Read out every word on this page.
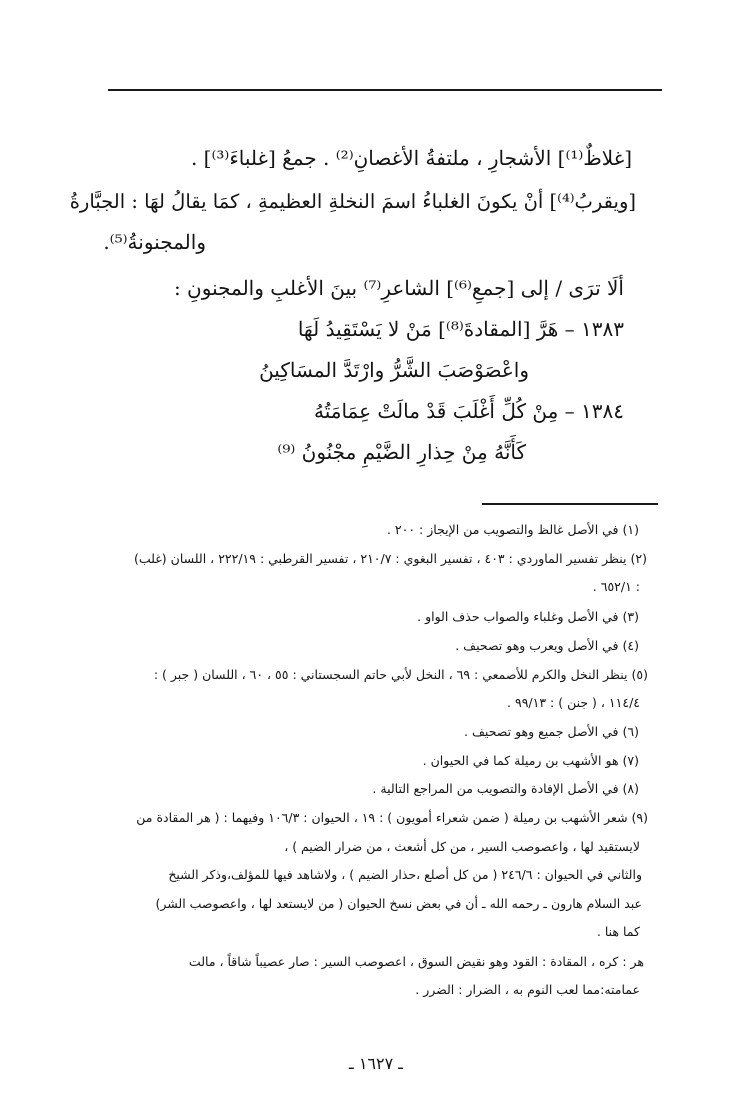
[غلاظٌ⁽¹⁾] الأشجارِ ، ملتفةُ الأغصانِ⁽²⁾ . جمعُ [غلباءَ⁽³⁾] .
[ويقربُ⁽⁴⁾] أنْ يكونَ الغلباءُ اسمَ النخلةِ العظيمةِ ، كمَا يقالُ لهَا : الجبَّارةُ
والمجنونةُ⁽⁵⁾.
ألَا ترَى / إلى [جمعِ⁽⁶⁾] الشاعرِ⁽⁷⁾ بينَ الأغلبِ والمجنونِ :
١٣٨٣ – هَرَّ [المقادةَ⁽⁸⁾] مَنْ لا يَسْتَقِيدُ لَهَا
واعْصَوْصَبَ الشَّرُّ وارْتَدَّ المسَاكِينُ
١٣٨٤ – مِنْ كُلِّ أَغْلَبَ قَدْ مالَتْ عِمَامَتُهُ
كَأَنَّهُ مِنْ حِذارِ الضَّيْمِ مجْنُونُ ⁽⁹⁾
(١) في الأصل غالظ والتصويب من الإيجاز : ٢٠٠ .
(٢) ينظر تفسير الماوردي : ٤٠٣ ، تفسير البغوي : ٢١٠/٧ ، تفسير القرطبي : ٢٢٢/١٩ ، اللسان (غلب)
: ٦٥٢/١ .
(٣) في الأصل وغلباء والصواب حذف الواو .
(٤) في الأصل ويعرب وهو تصحيف .
(٥) ينظر النخل والكرم للأصمعي : ٦٩ ، النخل لأبي حاتم السجستاني : ٥٥ ، ٦٠ ، اللسان ( جبر ) :
١١٤/٤ ، ( جنن ) : ٩٩/١٣ .
(٦) في الأصل جميع وهو تصحيف .
(٧) هو الأشهب بن رميلة كما في الحيوان .
(٨) في الأصل الإفادة والتصويب من المراجع التالية .
(٩) شعر الأشهب بن رميلة ( ضمن شعراء أمويون ) : ١٩ ، الحيوان : ١٠٦/٣ وفيهما : ( هر المقادة من
لايستقيد لها ، واعصوصب السير ، من كل أشعث ، من ضرار الضيم ) ،
والثاني في الحيوان : ٢٤٦/٦ ( من كل أصلع ،حذار الضيم ) ، ولاشاهد فيها للمؤلف،وذكر الشيخ
عبد السلام هارون ـ رحمه الله ـ أن في بعض نسخ الحيوان ( من لايستعد لها ، واعصوصب الشر)
كما هنا .
هر : كره ، المقادة : القود وهو نقيض السوق ، اعصوصب السير : صار عصيباً شاقاً ، مالت
عمامته:مما لعب النوم به ، الضرار : الضرر .
ـ ١٦٢٧ ـ
